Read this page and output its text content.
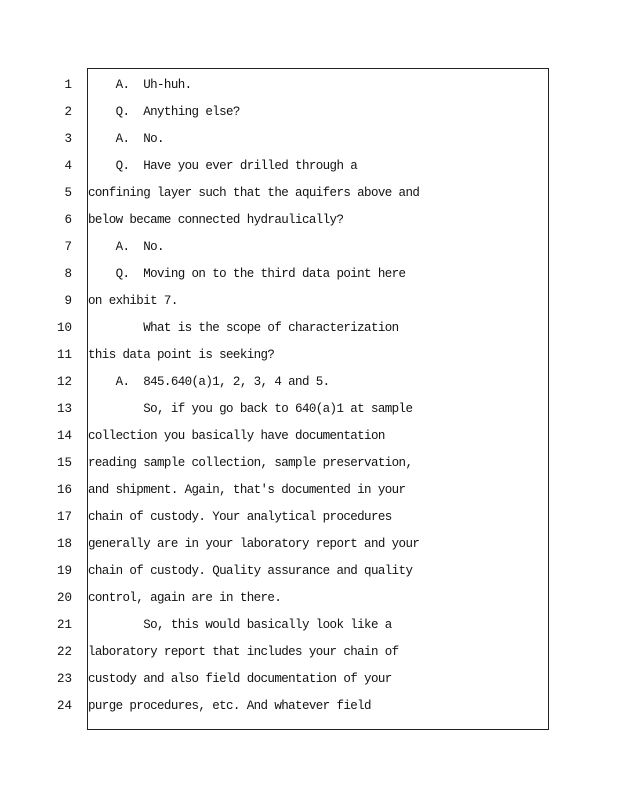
1
2
3
4
5
6
7
8
9
10
11
12
13
14
15
16
17
18
19
20
21
22
23
24
A.  Uh-huh.
Q.  Anything else?
A.  No.
Q.  Have you ever drilled through a
confining layer such that the aquifers above and
below became connected hydraulically?
A.  No.
Q.  Moving on to the third data point here
on exhibit 7.
What is the scope of characterization
this data point is seeking?
A.  845.640(a)1, 2, 3, 4 and 5.
So, if you go back to 640(a)1 at sample
collection you basically have documentation
reading sample collection, sample preservation,
and shipment. Again, that's documented in your
chain of custody. Your analytical procedures
generally are in your laboratory report and your
chain of custody. Quality assurance and quality
control, again are in there.
So, this would basically look like a
laboratory report that includes your chain of
custody and also field documentation of your
purge procedures, etc. And whatever field
